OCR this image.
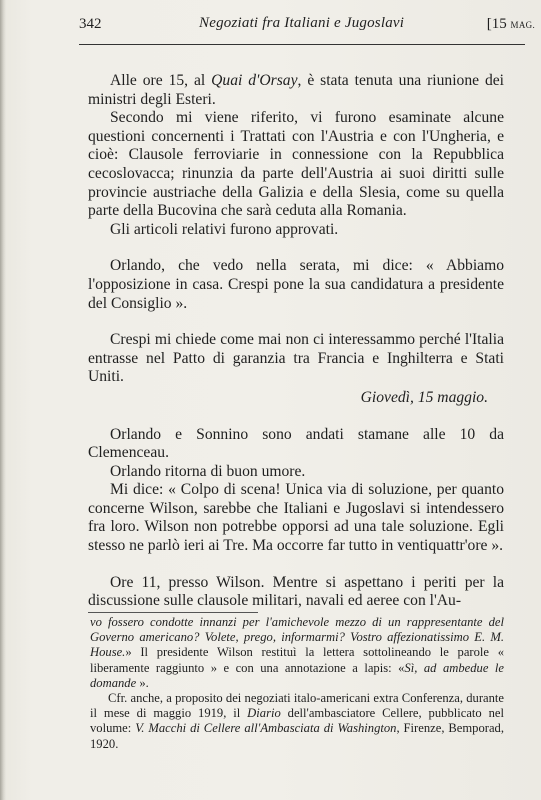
342	Negoziati fra Italiani e Jugoslavi	[15 MAG.

Alle ore 15, al Quai d'Orsay, è stata tenuta una riunione dei ministri degli Esteri.

Secondo mi viene riferito, vi furono esaminate alcune questioni concernenti i Trattati con l'Austria e con l'Ungheria, e cioè: Clausole ferroviarie in connessione con la Repubblica cecoslovacca; rinunzia da parte dell'Austria ai suoi diritti sulle provincie austriache della Galizia e della Slesia, come su quella parte della Bucovina che sarà ceduta alla Romania.

Gli articoli relativi furono approvati.

Orlando, che vedo nella serata, mi dice: « Abbiamo l'opposizione in casa. Crespi pone la sua candidatura a presidente del Consiglio ».

Crespi mi chiede come mai non ci interessammo perché l'Italia entrasse nel Patto di garanzia tra Francia e Inghilterra e Stati Uniti.

Giovedì, 15 maggio.

Orlando e Sonnino sono andati stamane alle 10 da Clemenceau.

Orlando ritorna di buon umore.

Mi dice: « Colpo di scena! Unica via di soluzione, per quanto concerne Wilson, sarebbe che Italiani e Jugoslavi si intendessero fra loro. Wilson non potrebbe opporsi ad una tale soluzione. Egli stesso ne parlò ieri ai Tre. Ma occorre far tutto in ventiquattr'ore ».

Ore 11, presso Wilson. Mentre si aspettano i periti per la discussione sulle clausole militari, navali ed aeree con l'Au-

vo fossero condotte innanzi per l'amichevole mezzo di un rappresentante del Governo americano? Volete, prego, informarmi? Vostro affezionatissimo E. M. House.» Il presidente Wilson restituì la lettera sottolineando le parole « liberamente raggiunto » e con una annotazione a lapis: «Sì, ad ambedue le domande ».

Cfr. anche, a proposito dei negoziati italo-americani extra Conferenza, durante il mese di maggio 1919, il Diario dell'ambasciatore Cellere, pubblicato nel volume: V. Macchi di Cellere all'Ambasciata di Washington, Firenze, Bemporad, 1920.
